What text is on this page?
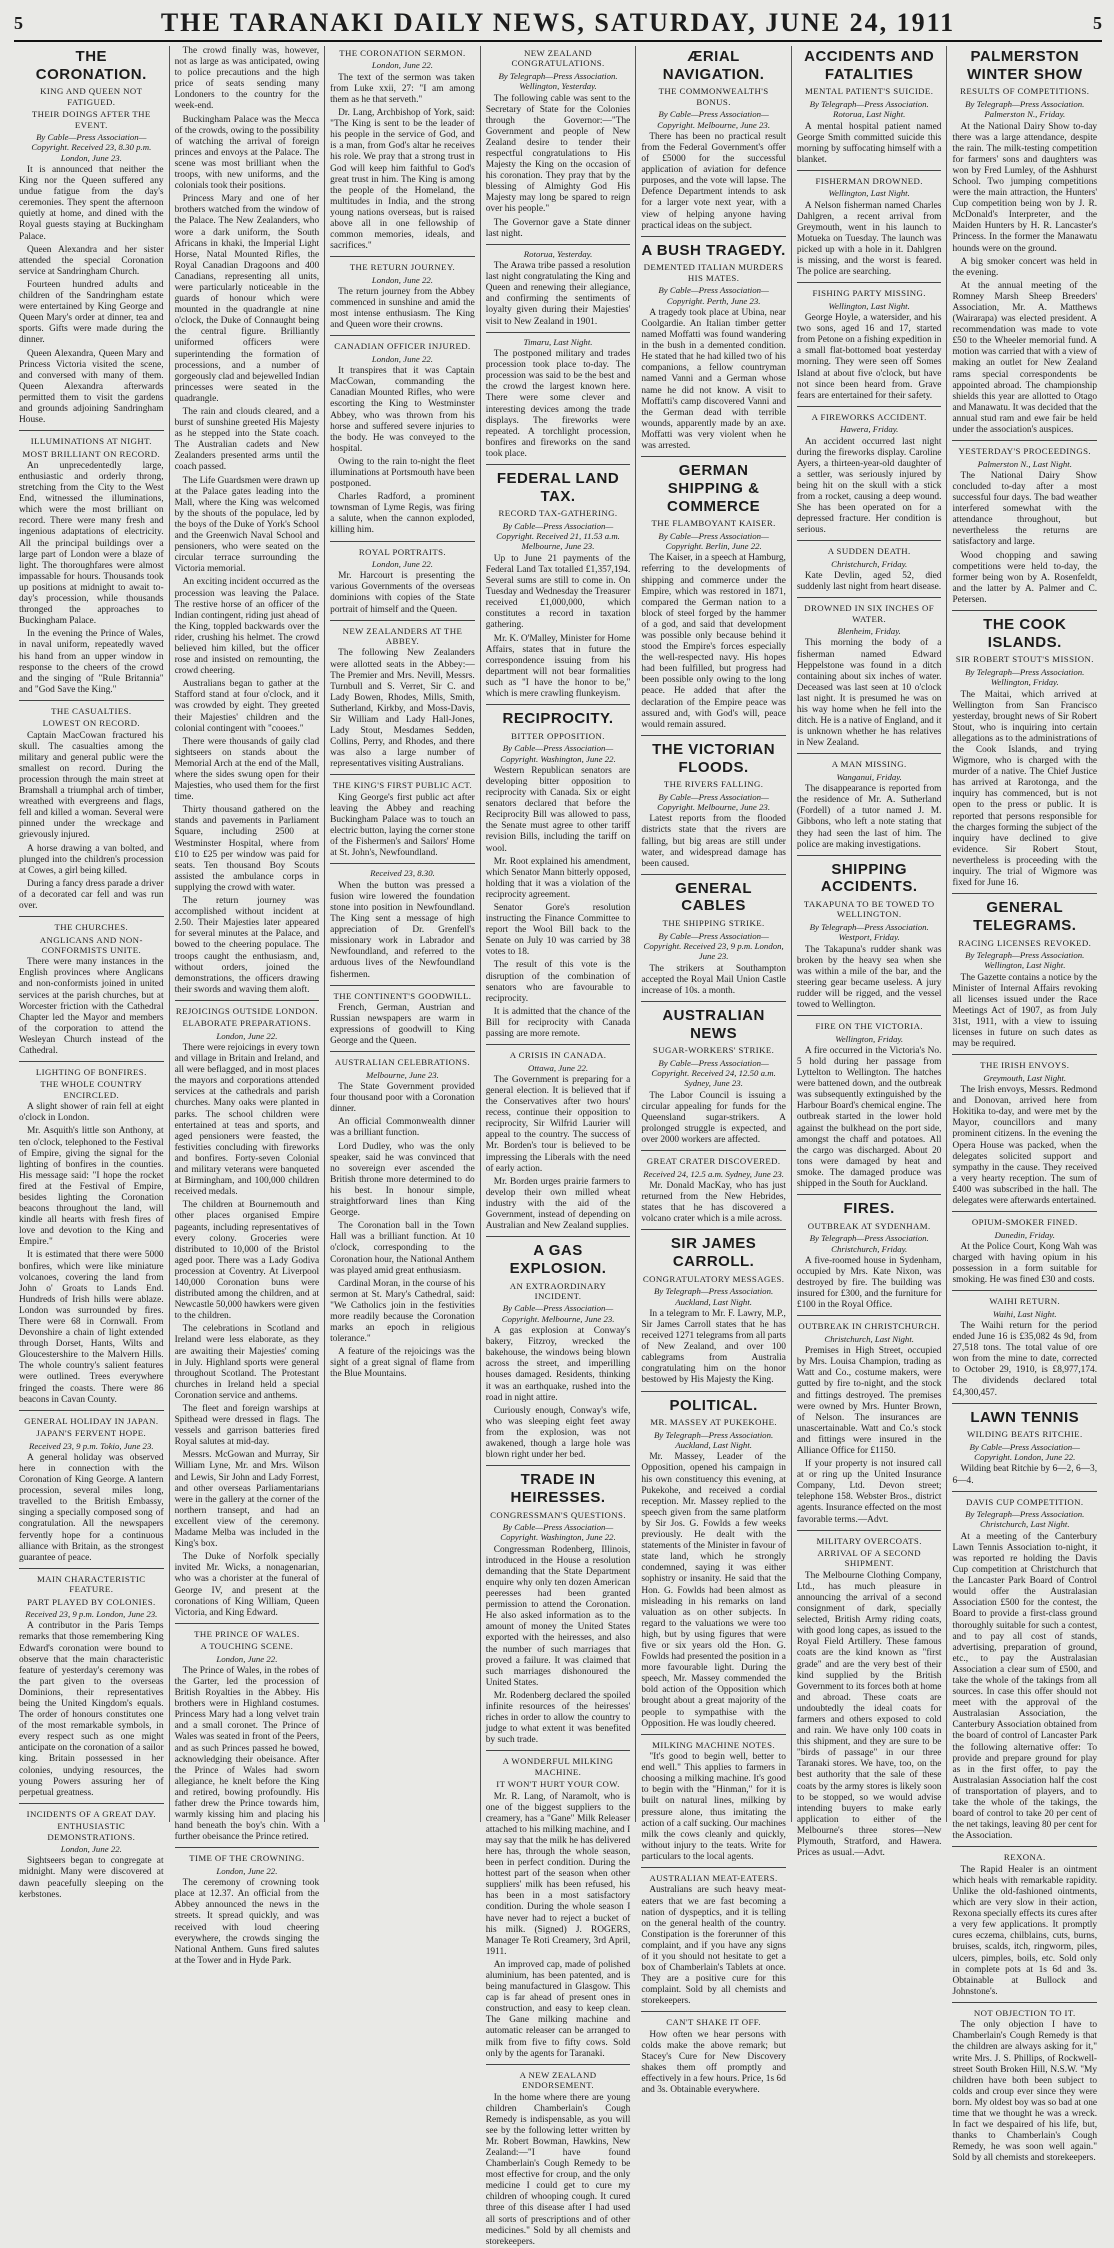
5	THE TARANAKI DAILY NEWS, SATURDAY, JUNE 24, 1911	5
THE CORONATION.
KING AND QUEEN NOT FATIGUED.
THEIR DOINGS AFTER THE EVENT.
By Cable—Press Association—Copyright. Received 23, 8.30 p.m. London, June 23.

It is announced that neither the King nor the Queen suffered any undue fatigue from the day's ceremonies. They spent the afternoon quietly at home, and dined with the Royal guests staying at Buckingham Palace.

Queen Alexandra and her sister attended the special Coronation service at Sandringham Church.

Fourteen hundred adults and children of the Sandringham estate were entertained by King George and Queen Mary's order at dinner, tea and sports. Gifts were made during the dinner.

Queen Alexandra, Queen Mary and Princess Victoria visited the scene, and conversed with many of them. Queen Alexandra afterwards permitted them to visit the gardens and grounds adjoining Sandringham House.

ILLUMINATIONS AT NIGHT.
MOST BRILLIANT ON RECORD.

An unprecedentedly large, enthusiastic and orderly throng, stretching from the City to the West End, witnessed the illuminations, which were the most brilliant on record. There were many fresh and ingenious adaptations of electricity. All the principal buildings over a large part of London were a blaze of light. The thoroughfares were almost impassable for hours. Thousands took up positions at midnight to await to-day's procession, while thousands thronged the approaches to Buckingham Palace.

In the evening the Prince of Wales, in naval uniform, repeatedly waved his hand from an upper window in response to the cheers of the crowd and the singing of "Rule Britannia" and "God Save the King."

THE CASUALTIES.
LOWEST ON RECORD.

Captain MacCowan fractured his skull. The casualties among the military and general public were the smallest on record. During the procession through the main street at Bramshall a triumphal arch of timber, wreathed with evergreens and flags, fell and killed a woman. Several were pinned under the wreckage and grievously injured.

A horse drawing a van bolted, and plunged into the children's procession at Cowes, a girl being killed.

During a fancy dress parade a driver of a decorated car fell and was run over.

THE CHURCHES.
ANGLICANS AND NON-CONFORMISTS UNITE.

There were many instances in the English provinces where Anglicans and non-conformists joined in united services at the parish churches, but at Worcester friction with the Cathedral Chapter led the Mayor and members of the corporation to attend the Wesleyan Church instead of the Cathedral.

LIGHTING OF BONFIRES.
THE WHOLE COUNTRY ENCIRCLED.

A slight shower of rain fell at eight o'clock in London.

Mr. Asquith's little son Anthony, at ten o'clock, telephoned to the Festival of Empire, giving the signal for the lighting of bonfires in the counties. His message said: "I hope the rocket fired at the Festival of Empire, besides lighting the Coronation beacons throughout the land, will kindle all hearts with fresh fires of love and devotion to the King and Empire."

It is estimated that there were 5000 bonfires, which were like miniature volcanoes, covering the land from John o' Groats to Lands End. Hundreds of Irish hills were ablaze. London was surrounded by fires. There were 68 in Cornwall. From Devonshire a chain of light extended through Dorset, Hants, Wilts and Gloucestershire to the Malvern Hills. The whole country's salient features were outlined. Trees everywhere fringed the coasts. There were 86 beacons in Cavan County.

GENERAL HOLIDAY IN JAPAN.
JAPAN'S FERVENT HOPE.
Received 23, 9 p.m. Tokio, June 23.

A general holiday was observed here in connection with the Coronation of King George. A lantern procession, several miles long, travelled to the British Embassy, singing a specially composed song of congratulation. All the newspapers fervently hope for a continuous alliance with Britain, as the strongest guarantee of peace.

MAIN CHARACTERISTIC FEATURE.
PART PLAYED BY COLONIES.
Received 23, 9 p.m. London, June 23.

A contributor in the Paris Temps remarks that those remembering King Edward's coronation were bound to observe that the main characteristic feature of yesterday's ceremony was the part given to the overseas Dominions, their representatives being the United Kingdom's equals. The order of honours constitutes one of the most remarkable symbols, in every respect such as one might anticipate on the coronation of a sailor king. Britain possessed in her colonies, undying resources, the young Powers assuring her of perpetual greatness.

INCIDENTS OF A GREAT DAY.
ENTHUSIASTIC DEMONSTRATIONS.
London, June 22.

Sightseers began to congregate at midnight. Many were discovered at dawn peacefully sleeping on the kerbstones.

The crowd finally was, however, not as large as was anticipated, owing to police precautions and the high price of seats sending many Londoners to the country for the week-end.

Buckingham Palace was the Mecca of the crowds, owing to the possibility of watching the arrival of foreign princes and envoys at the Palace. The scene was most brilliant when the troops, with new uniforms, and the colonials took their positions.

Princess Mary and one of her brothers watched from the window of the Palace. The New Zealanders, who wore a dark uniform, the South Africans in khaki, the Imperial Light Horse, Natal Mounted Rifles, the Royal Canadian Dragoons and 400 Canadians, representing all units, were particularly noticeable in the guards of honour which were mounted in the quadrangle at nine o'clock, the Duke of Connaught being the central figure. Brilliantly uniformed officers were superintending the formation of processions, and a number of gorgeously clad and bejewelled Indian princesses were seated in the quadrangle.

The rain and clouds cleared, and a burst of sunshine greeted His Majesty as he stepped into the State coach. The Australian cadets and New Zealanders presented arms until the coach passed.

The Life Guardsmen were drawn up at the Palace gates leading into the Mall, where the King was welcomed by the shouts of the populace, led by the boys of the Duke of York's School and the Greenwich Naval School and pensioners, who were seated on the circular terrace surrounding the Victoria memorial.

An exciting incident occurred as the procession was leaving the Palace. The restive horse of an officer of the Indian contingent, riding just ahead of the King, toppled backwards over the rider, crushing his helmet. The crowd believed him killed, but the officer rose and insisted on remounting, the crowd cheering.

Australians began to gather at the Stafford stand at four o'clock, and it was crowded by eight. They greeted their Majesties' children and the colonial contingent with "cooees."

There were thousands of gaily clad sightseers on stands about the Memorial Arch at the end of the Mall, where the sides swung open for their Majesties, who used them for the first time.

Thirty thousand gathered on the stands and pavements in Parliament Square, including 2500 at Westminster Hospital, where from £10 to £25 per window was paid for seats. Ten thousand Boy Scouts assisted the ambulance corps in supplying the crowd with water.

The return journey was accomplished without incident at 2.50. Their Majesties later appeared for several minutes at the Palace, and bowed to the cheering populace. The troops caught the enthusiasm, and, without orders, joined the demonstrations, the officers drawing their swords and waving them aloft.

REJOICINGS OUTSIDE LONDON.
ELABORATE PREPARATIONS.
London, June 22.

There were rejoicings in every town and village in Britain and Ireland, and all were beflagged, and in most places the mayors and corporations attended services at the cathedrals and parish churches. Many oaks were planted in parks. The school children were entertained at teas and sports, and aged pensioners were feasted, the festivities concluding with fireworks and bonfires. Forty-seven Colonial and military veterans were banqueted at Birmingham, and 100,000 children received medals.

The children at Bournemouth and other places organised Empire pageants, including representatives of every colony. Groceries were distributed to 10,000 of the Bristol aged poor. There was a Lady Godiva procession at Coventry. At Liverpool 140,000 Coronation buns were distributed among the children, and at Newcastle 50,000 hawkers were given to the children.

The celebrations in Scotland and Ireland were less elaborate, as they are awaiting their Majesties' coming in July. Highland sports were general throughout Scotland. The Protestant churches in Ireland held a special Coronation service and anthems.

The fleet and foreign warships at Spithead were dressed in flags. The vessels and garrison batteries fired Royal salutes at mid-day.

Messrs. McGowan and Murray, Sir William Lyne, Mr. and Mrs. Wilson and Lewis, Sir John and Lady Forrest, and other overseas Parliamentarians were in the gallery at the corner of the northern transept, and had an excellent view of the ceremony. Madame Melba was included in the King's box.

The Duke of Norfolk specially invited Mr. Wicks, a nonagenarian, who was a chorister at the funeral of George IV, and present at the coronations of King William, Queen Victoria, and King Edward.

THE PRINCE OF WALES.
A TOUCHING SCENE.
London, June 22.

The Prince of Wales, in the robes of the Garter, led the procession of British Royalties in the Abbey. His brothers were in Highland costumes. Princess Mary had a long velvet train and a small coronet. The Prince of Wales was seated in front of the Peers, and as such Princes passed he bowed, acknowledging their obeisance. After the Prince of Wales had sworn allegiance, he knelt before the King and retired, bowing profoundly. His father drew the Prince towards him, warmly kissing him and placing his hand beneath the boy's chin. With a further obeisance the Prince retired.

TIME OF THE CROWNING.
London, June 22.

The ceremony of crowning took place at 12.37. An official from the Abbey announced the news in the streets. It spread quickly, and was received with loud cheering everywhere, the crowds singing the National Anthem. Guns fired salutes at the Tower and in Hyde Park.

THE CORONATION SERMON.
London, June 22.

The text of the sermon was taken from Luke xxii, 27: "I am among them as he that serveth."

Dr. Lang, Archbishop of York, said: "The King is sent to be the leader of his people in the service of God, and is a man, from God's altar he receives his role. We pray that a strong trust in God will keep him faithful to God's great trust in him. The King is among the people of the Homeland, the multitudes in India, and the strong young nations overseas, but is raised above all in one fellowship of common memories, ideals, and sacrifices."

THE RETURN JOURNEY.
London, June 22.

The return journey from the Abbey commenced in sunshine and amid the most intense enthusiasm. The King and Queen wore their crowns.

CANADIAN OFFICER INJURED.
London, June 22.

It transpires that it was Captain MacCowan, commanding the Canadian Mounted Rifles, who were escorting the King to Westminster Abbey, who was thrown from his horse and suffered severe injuries to the body. He was conveyed to the hospital.

Owing to the rain to-night the fleet illuminations at Portsmouth have been postponed.

Charles Radford, a prominent townsman of Lyme Regis, was firing a salute, when the cannon exploded, killing him.

ROYAL PORTRAITS.
London, June 22.

Mr. Harcourt is presenting the various Governments of the overseas dominions with copies of the State portrait of himself and the Queen.

NEW ZEALANDERS AT THE ABBEY.

The following New Zealanders were allotted seats in the Abbey:—The Premier and Mrs. Nevill, Messrs. Turnbull and S. Verret, Sir C. and Lady Bowen, Rhodes, Mills, Smith, Sutherland, Kirkby, and Moss-Davis, Sir William and Lady Hall-Jones, Lady Stout, Mesdames Sedden, Collins, Perry, and Rhodes, and there was also a large number of representatives visiting Australians.

THE KING'S FIRST PUBLIC ACT.

King George's first public act after leaving the Abbey and reaching Buckingham Palace was to touch an electric button, laying the corner stone of the Fishermen's and Sailors' Home at St. John's, Newfoundland.

Received 23, 8.30.

When the button was pressed a fusion wire lowered the foundation stone into position in Newfoundland. The King sent a message of high appreciation of Dr. Grenfell's missionary work in Labrador and Newfoundland, and referred to the arduous lives of the Newfoundland fishermen.

THE CONTINENT'S GOODWILL.

French, German, Austrian and Russian newspapers are warm in expressions of goodwill to King George and the Queen.

AUSTRALIAN CELEBRATIONS.
Melbourne, June 23.

The State Government provided four thousand poor with a Coronation dinner.

An official Commonwealth dinner was a brilliant function.

Lord Dudley, who was the only speaker, said he was convinced that no sovereign ever ascended the British throne more determined to do his best. In honour simple, straightforward lines than King George.

The Coronation ball in the Town Hall was a brilliant function. At 10 o'clock, corresponding to the Coronation hour, the National Anthem was played amid great enthusiasm.

Cardinal Moran, in the course of his sermon at St. Mary's Cathedral, said: "We Catholics join in the festivities more readily because the Coronation marks an epoch in religious tolerance."

A feature of the rejoicings was the sight of a great signal of flame from the Blue Mountains.

NEW ZEALAND CONGRATULATIONS.
By Telegraph—Press Association. Wellington, Yesterday.

The following cable was sent to the Secretary of State for the Colonies through the Governor:—"The Government and people of New Zealand desire to tender their respectful congratulations to His Majesty the King on the occasion of his coronation. They pray that by the blessing of Almighty God His Majesty may long be spared to reign over his people."

The Governor gave a State dinner last night.

Rotorua, Yesterday.

The Arawa tribe passed a resolution last night congratulating the King and Queen and renewing their allegiance, and confirming the sentiments of loyalty given during their Majesties' visit to New Zealand in 1901.

Timaru, Last Night.

The postponed military and trades procession took place to-day. The procession was said to be the best and the crowd the largest known here. There were some clever and interesting devices among the trade displays. The fireworks were repeated. A torchlight procession, bonfires and fireworks on the sand took place.

FEDERAL LAND TAX.
RECORD TAX-GATHERING.
By Cable—Press Association—Copyright. Received 21, 11.53 a.m. Melbourne, June 23.

Up to June 21 payments of the Federal Land Tax totalled £1,357,194. Several sums are still to come in. On Tuesday and Wednesday the Treasurer received £1,000,000, which constitutes a record in taxation gathering.

Mr. K. O'Malley, Minister for Home Affairs, states that in future the correspondence issuing from his department will not bear formalities such as "I have the honor to be," which is mere crawling flunkeyism.

RECIPROCITY.
BITTER OPPOSITION.
By Cable—Press Association—Copyright. Washington, June 22.

Western Republican senators are developing bitter opposition to reciprocity with Canada. Six or eight senators declared that before the Reciprocity Bill was allowed to pass, the Senate must agree to other tariff revision Bills, including the tariff on wool.

Mr. Root explained his amendment, which Senator Mann bitterly opposed, holding that it was a violation of the reciprocity agreement.

Senator Gore's resolution instructing the Finance Committee to report the Wool Bill back to the Senate on July 10 was carried by 38 votes to 18.

The result of this vote is the disruption of the combination of senators who are favourable to reciprocity.

It is admitted that the chance of the Bill for reciprocity with Canada passing are more remote.

A CRISIS IN CANADA.
Ottawa, June 22.

The Government is preparing for a general election. It is believed that if the Conservatives after two hours' recess, continue their opposition to reciprocity, Sir Wilfrid Laurier will appeal to the country. The success of Mr. Borden's tour is believed to be impressing the Liberals with the need of early action.

Mr. Borden urges prairie farmers to develop their own milled wheat industry with the aid of the Government, instead of depending on Australian and New Zealand supplies.

A GAS EXPLOSION.
AN EXTRAORDINARY INCIDENT.
By Cable—Press Association—Copyright. Melbourne, June 23.

A gas explosion at Conway's bakery, Fitzroy, wrecked the bakehouse, the windows being blown across the street, and imperilling houses damaged. Residents, thinking it was an earthquake, rushed into the road in night attire.

Curiously enough, Conway's wife, who was sleeping eight feet away from the explosion, was not awakened, though a large hole was blown right under her bed.

TRADE IN HEIRESSES.
CONGRESSMAN'S QUESTIONS.
By Cable—Press Association—Copyright. Washington, June 22.

Congressman Rodenberg, Illinois, introduced in the House a resolution demanding that the State Department enquire why only ten dozen American peeresses had been granted permission to attend the Coronation. He also asked information as to the amount of money the United States exported with the heiresses, and also the number of such marriages that proved a failure. It was claimed that such marriages dishonoured the United States.

Mr. Rodenberg declared the spoiled infinite resources of the heiresses' riches in order to allow the country to judge to what extent it was benefited by such trade.

A WONDERFUL MILKING MACHINE.
IT WON'T HURT YOUR COW.

Mr. R. Lang, of Naramolt, who is one of the biggest suppliers to the creamery, has a "Gane" Milk Releaser attached to his milking machine, and I may say that the milk he has delivered here has, through the whole season, been in perfect condition. During the hottest part of the season when other suppliers' milk has been refused, his has been in a most satisfactory condition. During the whole season I have never had to reject a bucket of his milk. (Signed) J. ROGERS, Manager Te Roti Creamery, 3rd April, 1911.

An improved cap, made of polished aluminium, has been patented, and is being manufactured in Glasgow. This cap is far ahead of present ones in construction, and easy to keep clean. The Gane milking machine and automatic releaser can be arranged to milk from five to fifty cows. Sold only by the agents for Taranaki.

A NEW ZEALAND ENDORSEMENT.

In the home where there are young children Chamberlain's Cough Remedy is indispensable, as you will see by the following letter written by Mr. Robert Bowman, Hawkins, New Zealand:—"I have found Chamberlain's Cough Remedy to be most effective for croup, and the only medicine I could get to cure my children of whooping cough. It cured three of this disease after I had used all sorts of prescriptions and of other medicines." Sold by all chemists and storekeepers.

ÆRIAL NAVIGATION.
THE COMMONWEALTH'S BONUS.
By Cable—Press Association—Copyright. Melbourne, June 23.

There has been no practical result from the Federal Government's offer of £5000 for the successful application of aviation for defence purposes, and the vote will lapse. The Defence Department intends to ask for a larger vote next year, with a view of helping anyone having practical ideas on the subject.

A BUSH TRAGEDY.
DEMENTED ITALIAN MURDERS HIS MATES.
By Cable—Press Association—Copyright. Perth, June 23.

A tragedy took place at Ubina, near Coolgardie. An Italian timber getter named Moffatti was found wandering in the bush in a demented condition. He stated that he had killed two of his companions, a fellow countryman named Vanni and a German whose name he did not know. A visit to Moffatti's camp discovered Vanni and the German dead with terrible wounds, apparently made by an axe. Moffatti was very violent when he was arrested.

GERMAN SHIPPING & COMMERCE
THE FLAMBOYANT KAISER.
By Cable—Press Association—Copyright. Berlin, June 22.

The Kaiser, in a speech at Hamburg, referring to the developments of shipping and commerce under the Empire, which was restored in 1871, compared the German nation to a block of steel forged by the hammer of a god, and said that development was possible only because behind it stood the Empire's forces especially the well-respected navy. His hopes had been fulfilled, but progress had been possible only owing to the long peace. He added that after the declaration of the Empire peace was assured and, with God's will, peace would remain assured.

THE VICTORIAN FLOODS.
THE RIVERS FALLING.
By Cable—Press Association—Copyright. Melbourne, June 23.

Latest reports from the flooded districts state that the rivers are falling, but big areas are still under water, and widespread damage has been caused.

GENERAL CABLES
THE SHIPPING STRIKE.
By Cable—Press Association—Copyright. Received 23, 9 p.m. London, June 23.

The strikers at Southampton accepted the Royal Mail Union Castle increase of 10s. a month.

AUSTRALIAN NEWS
SUGAR-WORKERS' STRIKE.
By Cable—Press Association—Copyright. Received 24, 12.50 a.m. Sydney, June 23.

The Labor Council is issuing a circular appealing for funds for the Queensland sugar-strikers. A prolonged struggle is expected, and over 2000 workers are affected.

GREAT CRATER DISCOVERED.
Received 24, 12.5 a.m. Sydney, June 23.

Mr. Donald MacKay, who has just returned from the New Hebrides, states that he has discovered a volcano crater which is a mile across.

SIR JAMES CARROLL.
CONGRATULATORY MESSAGES.
By Telegraph—Press Association. Auckland, Last Night.

In a telegram to Mr. F. Lawry, M.P., Sir James Carroll states that he has received 1271 telegrams from all parts of New Zealand, and over 100 cablegrams from Australia congratulating him on the honor bestowed by His Majesty the King.

POLITICAL.
MR. MASSEY AT PUKEKOHE.
By Telegraph—Press Association. Auckland, Last Night.

Mr. Massey, Leader of the Opposition, opened his campaign in his own constituency this evening, at Pukekohe, and received a cordial reception. Mr. Massey replied to the speech given from the same platform by Sir Jos. G. Fowlds a few weeks previously. He dealt with the statements of the Minister in favour of state land, which he strongly condemned, saying it was either sophistry or insanity. He said that the Hon. G. Fowlds had been almost as misleading in his remarks on land valuation as on other subjects. In regard to the valuations we were too high, but by using figures that were five or six years old the Hon. G. Fowlds had presented the position in a more favourable light. During the speech, Mr. Massey commended the bold action of the Opposition which brought about a great majority of the people to sympathise with the Opposition. He was loudly cheered.

MILKING MACHINE NOTES.

"It's good to begin well, better to end well." This applies to farmers in choosing a milking machine. It's good to begin with the "Hinman," for it is built on natural lines, milking by pressure alone, thus imitating the action of a calf sucking. Our machines milk the cows cleanly and quickly, without injury to the teats. Write for particulars to the local agents.

AUSTRALIAN MEAT-EATERS.

Australians are such heavy meat-eaters that we are fast becoming a nation of dyspeptics, and it is telling on the general health of the country. Constipation is the forerunner of this complaint, and if you have any signs of it you should not hesitate to get a box of Chamberlain's Tablets at once. They are a positive cure for this complaint. Sold by all chemists and storekeepers.

CAN'T SHAKE IT OFF.

How often we hear persons with colds make the above remark; but Stacey's Cure for New Discovery shakes them off promptly and effectively in a few hours. Price, 1s 6d and 3s. Obtainable everywhere.

ACCIDENTS AND FATALITIES
MENTAL PATIENT'S SUICIDE.
By Telegraph—Press Association. Rotorua, Last Night.

A mental hospital patient named George Smith committed suicide this morning by suffocating himself with a blanket.

FISHERMAN DROWNED.
Wellington, Last Night.

A Nelson fisherman named Charles Dahlgren, a recent arrival from Greymouth, went in his launch to Motueka on Tuesday. The launch was picked up with a hole in it. Dahlgren is missing, and the worst is feared. The police are searching.

FISHING PARTY MISSING.
Wellington, Last Night.

George Hoyle, a watersider, and his two sons, aged 16 and 17, started from Petone on a fishing expedition in a small flat-bottomed boat yesterday morning. They were seen off Somes Island at about five o'clock, but have not since been heard from. Grave fears are entertained for their safety.

A FIREWORKS ACCIDENT.
Hawera, Friday.

An accident occurred last night during the fireworks display. Caroline Ayers, a thirteen-year-old daughter of a settler, was seriously injured by being hit on the skull with a stick from a rocket, causing a deep wound. She has been operated on for a depressed fracture. Her condition is serious.

A SUDDEN DEATH.
Christchurch, Friday.

Kate Devlin, aged 52, died suddenly last night from heart disease.

DROWNED IN SIX INCHES OF WATER.
Blenheim, Friday.

This morning the body of a fisherman named Edward Heppelstone was found in a ditch containing about six inches of water. Deceased was last seen at 10 o'clock last night. It is presumed he was on his way home when he fell into the ditch. He is a native of England, and it is unknown whether he has relatives in New Zealand.

A MAN MISSING.
Wanganui, Friday.

The disappearance is reported from the residence of Mr. A. Sutherland (Fordell) of a tutor named J. M. Gibbons, who left a note stating that they had seen the last of him. The police are making investigations.

SHIPPING ACCIDENTS.
TAKAPUNA TO BE TOWED TO WELLINGTON.
By Telegraph—Press Association. Westport, Friday.

The Takapuna's rudder shank was broken by the heavy sea when she was within a mile of the bar, and the steering gear became useless. A jury rudder will be rigged, and the vessel towed to Wellington.

FIRE ON THE VICTORIA.
Wellington, Friday.

A fire occurred in the Victoria's No. 5 hold during her passage from Lyttelton to Wellington. The hatches were battened down, and the outbreak was subsequently extinguished by the Harbour Board's chemical engine. The outbreak started in the lower hold against the bulkhead on the port side, amongst the chaff and potatoes. All the cargo was discharged. About 20 tons were damaged by heat and smoke. The damaged produce was shipped in the South for Auckland.

FIRES.
OUTBREAK AT SYDENHAM.
By Telegraph—Press Association. Christchurch, Friday.

A five-roomed house in Sydenham, occupied by Mrs. Kate Nixon, was destroyed by fire. The building was insured for £300, and the furniture for £100 in the Royal Office.

OUTBREAK IN CHRISTCHURCH.
Christchurch, Last Night.

Premises in High Street, occupied by Mrs. Louisa Champion, trading as Watt and Co., costume makers, were gutted by fire to-night, and the stock and fittings destroyed. The premises were owned by Mrs. Hunter Brown, of Nelson. The insurances are unascertainable. Watt and Co.'s stock and fittings were insured in the Alliance Office for £1150.

If your property is not insured call at or ring up the United Insurance Company, Ltd. Devon street; telephone 158. Webster Bros., district agents. Insurance effected on the most favorable terms.—Advt.

MILITARY OVERCOATS.
ARRIVAL OF A SECOND SHIPMENT.

The Melbourne Clothing Company, Ltd., has much pleasure in announcing the arrival of a second consignment of dark, specially selected, British Army riding coats, with good long capes, as issued to the Royal Field Artillery. These famous coats are the kind known as "first grade" and are the very best of their kind supplied by the British Government to its forces both at home and abroad. These coats are undoubtedly the ideal coats for farmers and others exposed to cold and rain. We have only 100 coats in this shipment, and they are sure to be "birds of passage" in our three Taranaki stores. We have, too, on the best authority that the sale of these coats by the army stores is likely soon to be stopped, so we would advise intending buyers to make early application to either of the Melbourne's three stores—New Plymouth, Stratford, and Hawera. Prices as usual.—Advt.

PALMERSTON WINTER SHOW
RESULTS OF COMPETITIONS.
By Telegraph—Press Association. Palmerston N., Friday.

At the National Dairy Show to-day there was a large attendance, despite the rain. The milk-testing competition for farmers' sons and daughters was won by Fred Lumley, of the Ashhurst School. Two jumping competitions were the main attraction, the Hunters' Cup competition being won by J. R. McDonald's Interpreter, and the Maiden Hunters by H. R. Lancaster's Princess. In the former the Manawatu hounds were on the ground.

A big smoker concert was held in the evening.

At the annual meeting of the Romney Marsh Sheep Breeders' Association, Mr. A. Matthews (Wairarapa) was elected president. A recommendation was made to vote £50 to the Wheeler memorial fund. A motion was carried that with a view of making an outlet for New Zealand rams special correspondents be appointed abroad. The championship shields this year are allotted to Otago and Manawatu. It was decided that the annual stud ram and ewe fair be held under the association's auspices.

YESTERDAY'S PROCEEDINGS.
Palmerston N., Last Night.

The National Dairy Show concluded to-day after a most successful four days. The bad weather interfered somewhat with the attendance throughout, but nevertheless the returns are satisfactory and large.

Wood chopping and sawing competitions were held to-day, the former being won by A. Rosenfeldt, and the latter by A. Palmer and C. Petersen.

THE COOK ISLANDS.
SIR ROBERT STOUT'S MISSION.
By Telegraph—Press Association. Wellington, Friday.

The Maitai, which arrived at Wellington from San Francisco yesterday, brought news of Sir Robert Stout, who is inquiring into certain allegations as to the administrations of the Cook Islands, and trying Wigmore, who is charged with the murder of a native. The Chief Justice has arrived at Rarotonga, and the inquiry has commenced, but is not open to the press or public. It is reported that persons responsible for the charges forming the subject of the inquiry have declined to give evidence. Sir Robert Stout, nevertheless is proceeding with the inquiry. The trial of Wigmore was fixed for June 16.

GENERAL TELEGRAMS.
RACING LICENSES REVOKED.
By Telegraph—Press Association. Wellington, Last Night.

The Gazette contains a notice by the Minister of Internal Affairs revoking all licenses issued under the Race Meetings Act of 1907, as from July 31st, 1911, with a view to issuing licenses in future on such dates as may be required.

THE IRISH ENVOYS.
Greymouth, Last Night.

The Irish envoys, Messrs. Redmond and Donovan, arrived here from Hokitika to-day, and were met by the Mayor, councillors and many prominent citizens. In the evening the Opera House was packed, when the delegates solicited support and sympathy in the cause. They received a very hearty reception. The sum of £400 was subscribed in the hall. The delegates were afterwards entertained.

OPIUM-SMOKER FINED.
Dunedin, Friday.

At the Police Court, Kong Wah was charged with having opium in his possession in a form suitable for smoking. He was fined £30 and costs.

WAIHI RETURN.
Waihi, Last Night.

The Waihi return for the period ended June 16 is £35,082 4s 9d, from 27,518 tons. The total value of ore won from the mine to date, corrected to October 29, 1910, is £8,977,174. The dividends declared total £4,300,457.

LAWN TENNIS
WILDING BEATS RITCHIE.
By Cable—Press Association—Copyright. London, June 22.

Wilding beat Ritchie by 6—2, 6—3, 6—4.

DAVIS CUP COMPETITION.
By Telegraph—Press Association. Christchurch, Last Night.

At a meeting of the Canterbury Lawn Tennis Association to-night, it was reported re holding the Davis Cup competition at Christchurch that the Lancaster Park Board of Control would offer the Australasian Association £500 for the contest, the Board to provide a first-class ground thoroughly suitable for such a contest, and to pay all cost of stands, advertising, preparation of ground, etc., to pay the Australasian Association a clear sum of £500, and take the whole of the takings from all sources. In case this offer should not meet with the approval of the Australasian Association, the Canterbury Association obtained from the board of control of Lancaster Park the following alternative offer: To provide and prepare ground for play as in the first offer, to pay the Australasian Association half the cost of transportation of players, and to take the whole of the takings, the board of control to take 20 per cent of the net takings, leaving 80 per cent for the Association.

REXONA.

The Rapid Healer is an ointment which heals with remarkable rapidity. Unlike the old-fashioned ointments, which are very slow in their action, Rexona specially effects its cures after a very few applications. It promptly cures eczema, chilblains, cuts, burns, bruises, scalds, itch, ringworm, piles, ulcers, pimples, boils, etc. Sold only in complete pots at 1s 6d and 3s. Obtainable at Bullock and Johnstone's.

NOT OBJECTION TO IT.

The only objection I have to Chamberlain's Cough Remedy is that the children are always asking for it," write Mrs. J. S. Phillips, of Rockwell-street South Broken Hill, N.S.W. "My children have both been subject to colds and croup ever since they were born. My oldest boy was so bad at one time that we thought he was a wreck. In fact we despaired of his life, but, thanks to Chamberlain's Cough Remedy, he was soon well again." Sold by all chemists and storekeepers.
